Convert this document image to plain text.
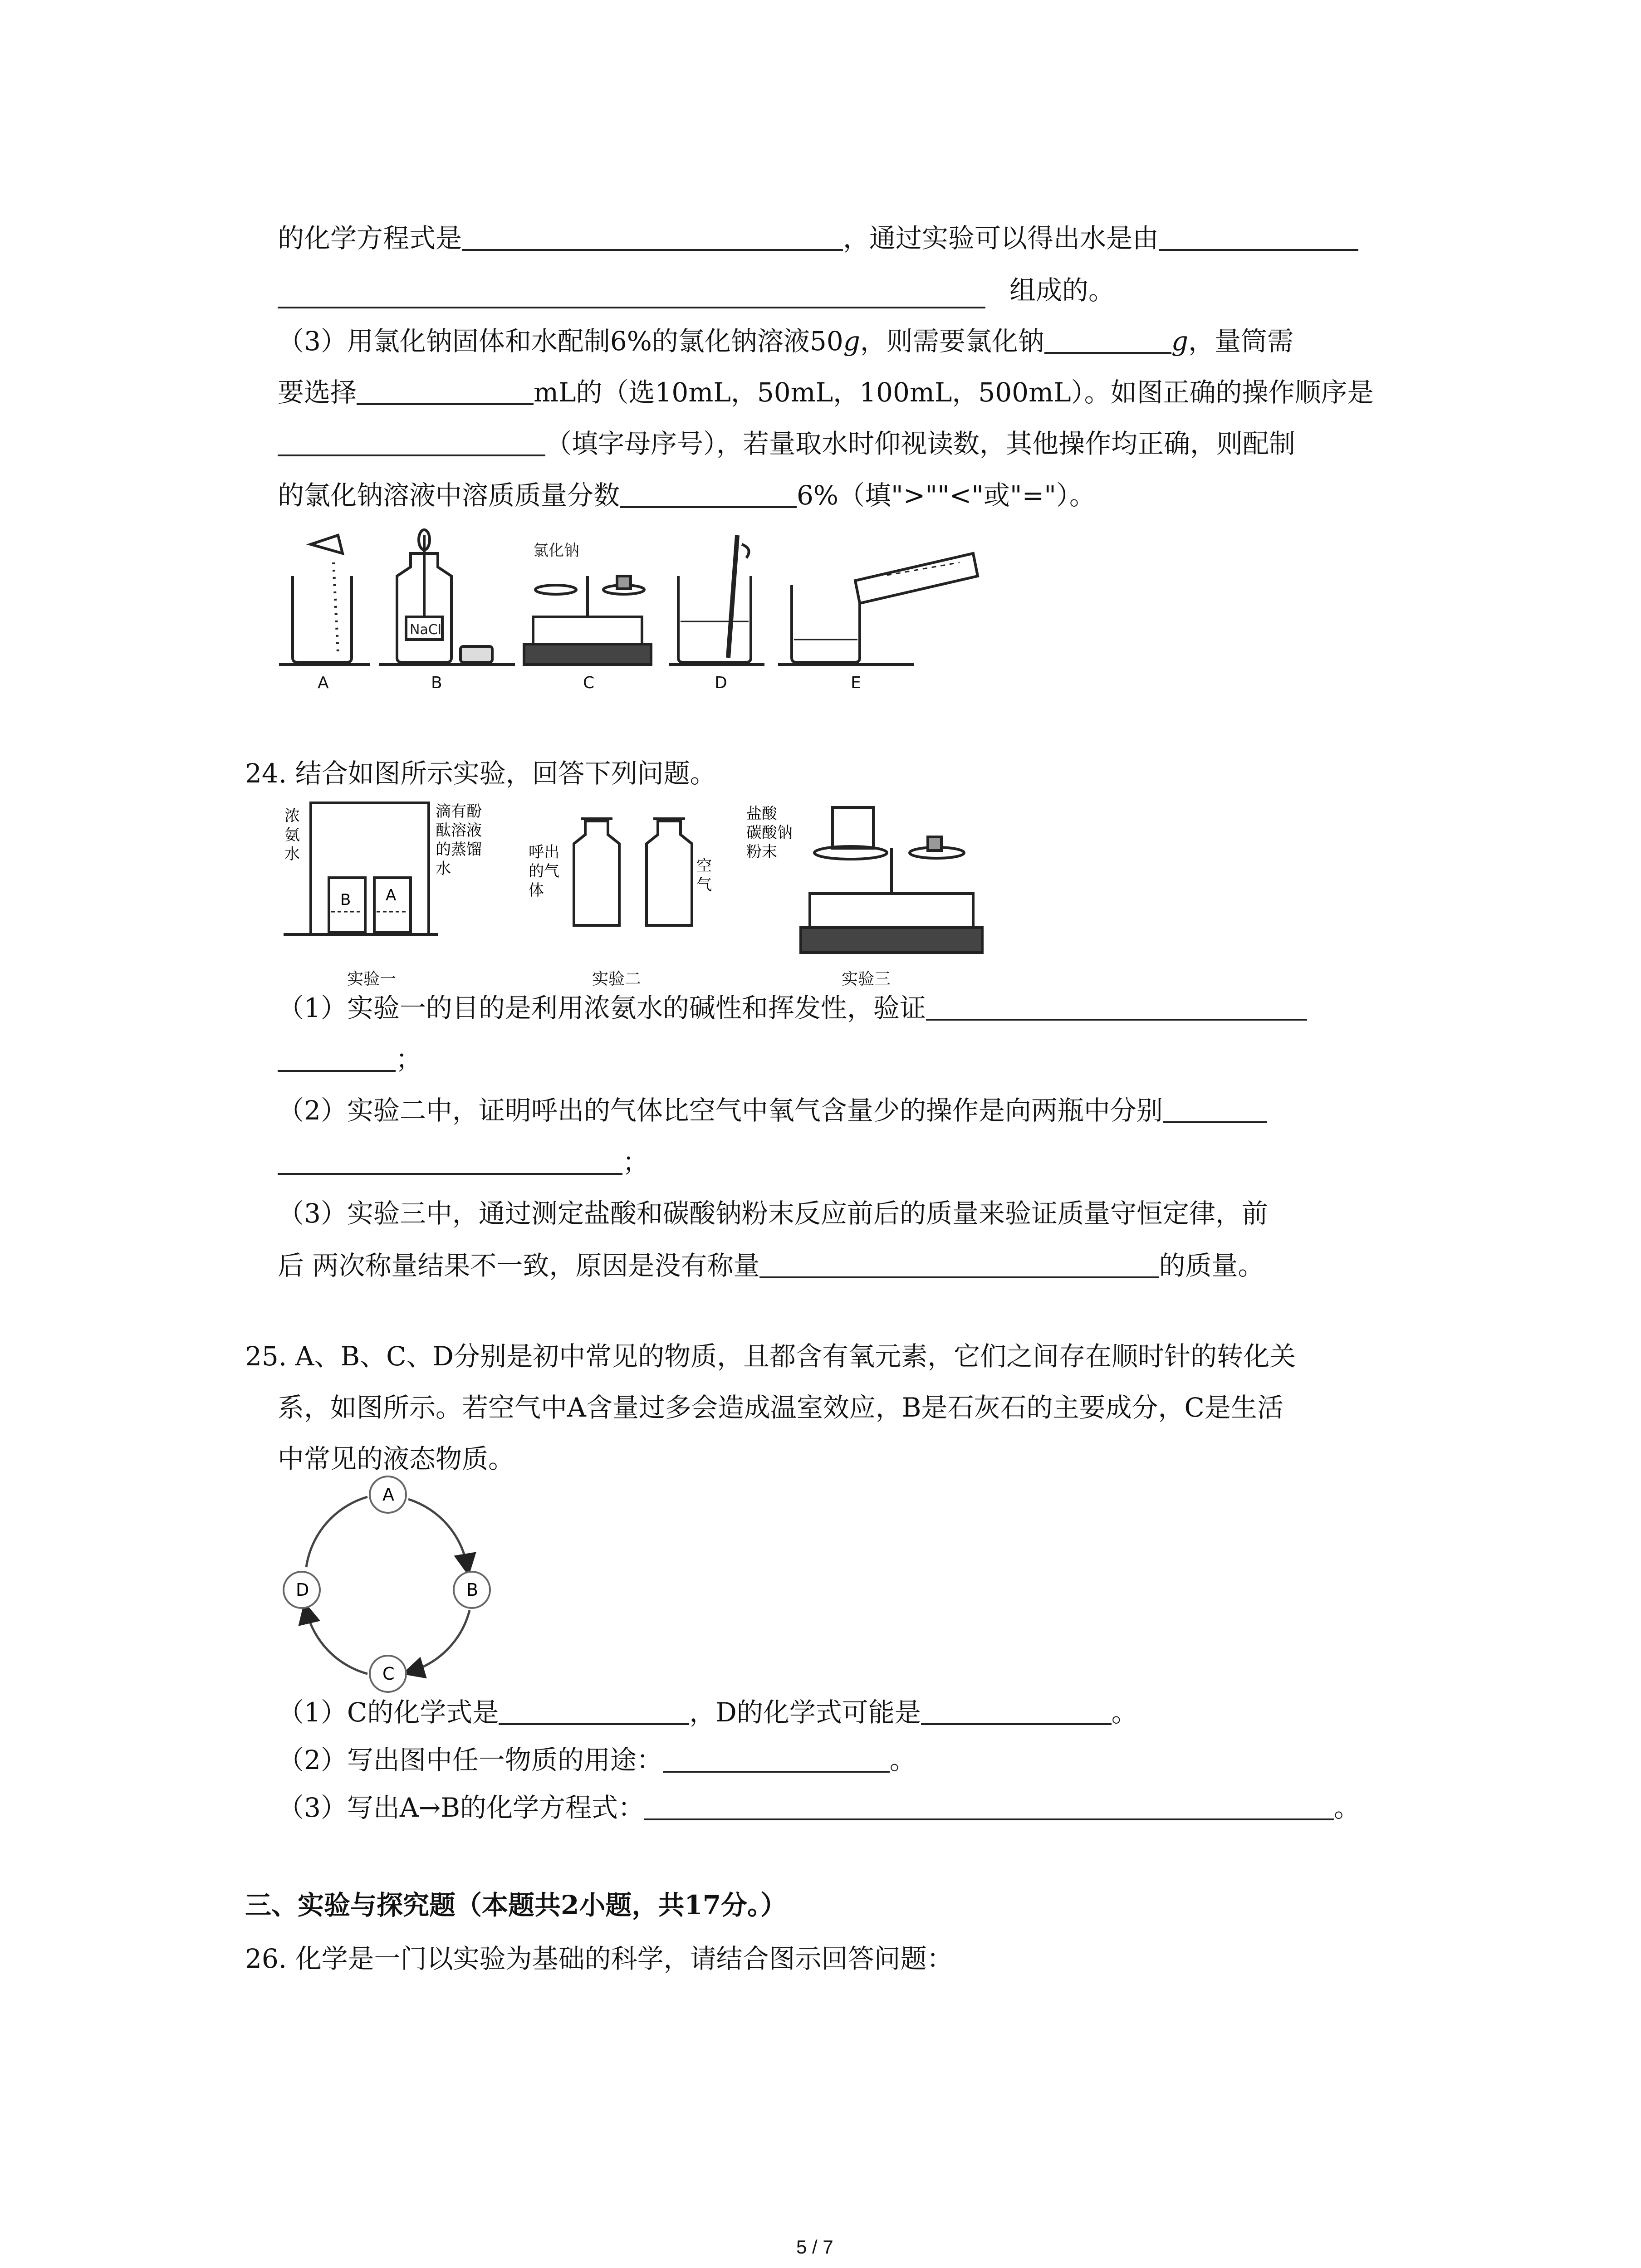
的化学方程式是	，通过实验可以得出水是由
组成的。
（3）用氯化钠固体和水配制6%的氯化钠溶液50g，则需要氯化钠	g，量筒需
要选择	mL的（选10mL，50mL，100mL，500mL）。如图正确的操作顺序是
（填字母序号），若量取水时仰视读数，其他操作均正确，则配制
的氯化钠溶液中溶质质量分数	6%（填">""<"或"="）。
NaCl
氯化钠
A	B	C	D	E
24. 结合如图所示实验，回答下列问题。
B A
浓
氨
水
滴有酚
酞溶液
的蒸馏
水
呼出
的气
体
空
气
盐酸
碳酸钠
粉末
实验一	实验二	实验三
（1）实验一的目的是利用浓氨水的碱性和挥发性，验证
；
（2）实验二中，证明呼出的气体比空气中氧气含量少的操作是向两瓶中分别
；
（3）实验三中，通过测定盐酸和碳酸钠粉末反应前后的质量来验证质量守恒定律，前
后 两次称量结果不一致，原因是没有称量	的质量。
25. A、B、C、D分别是初中常见的物质，且都含有氧元素，它们之间存在顺时针的转化关
系，如图所示。若空气中A含量过多会造成温室效应，B是石灰石的主要成分，C是生活
中常见的液态物质。
A
B
C
D
（1）C的化学式是	，D的化学式可能是	。
（2）写出图中任一物质的用途：	。
（3）写出A→B的化学方程式：	。
三、实验与探究题（本题共2小题，共17分。）
26. 化学是一门以实验为基础的科学，请结合图示回答问题：
5 / 7
